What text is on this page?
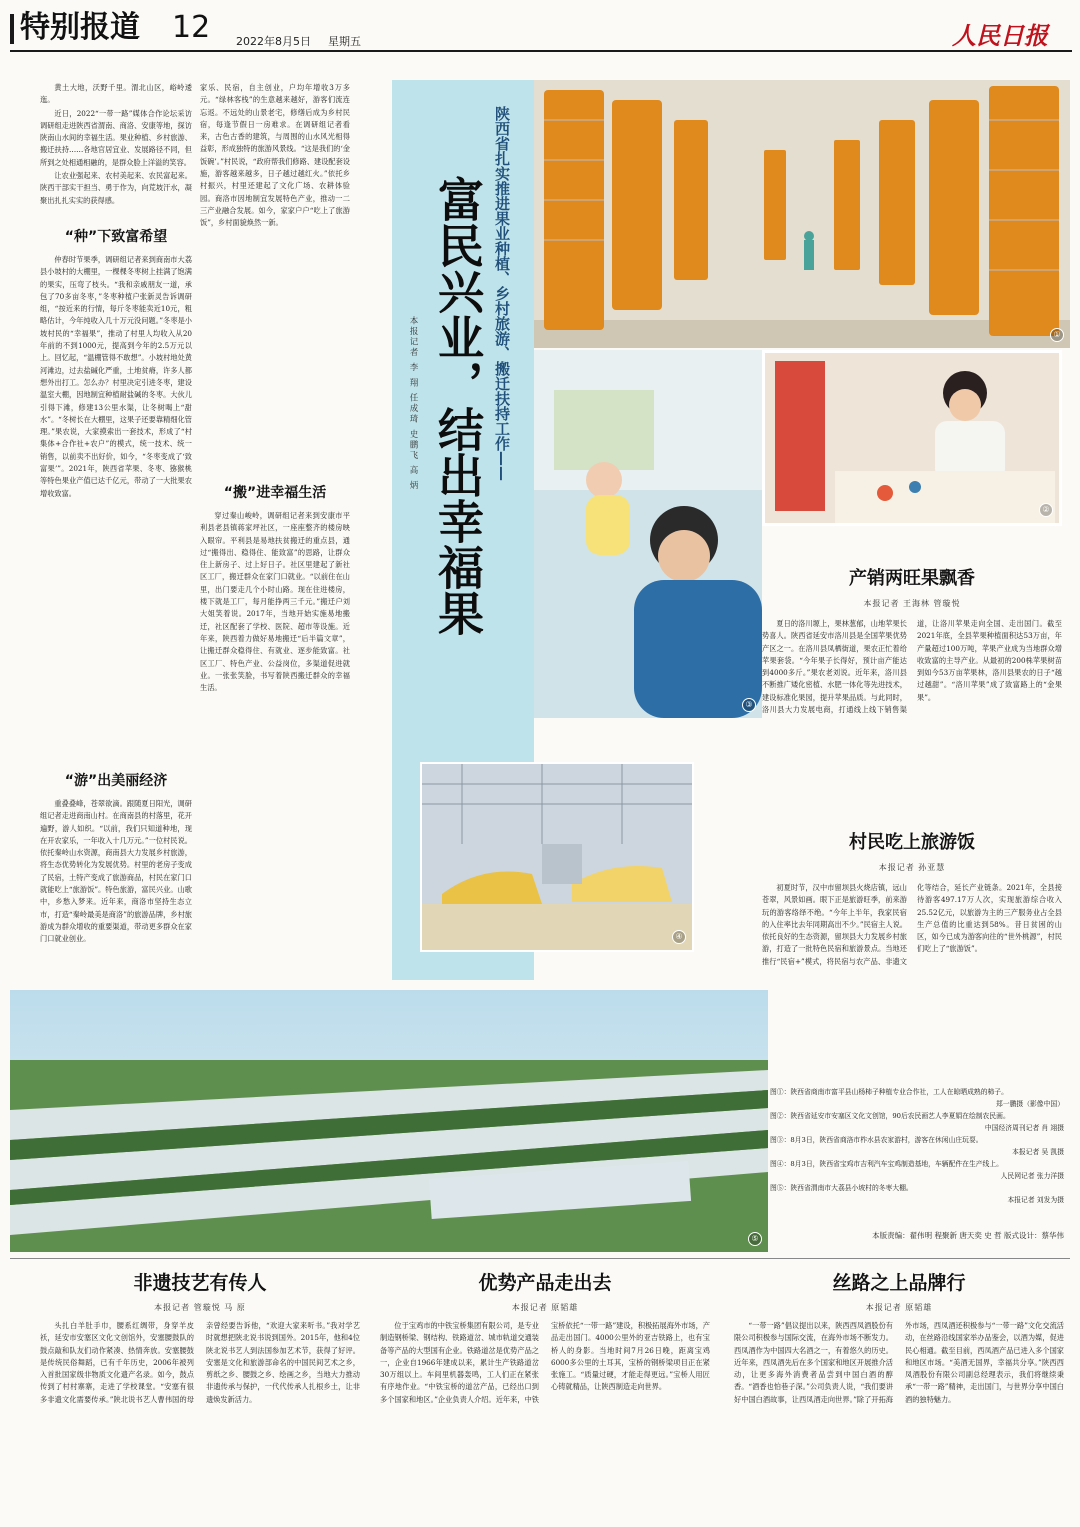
特别报道 12 2022年8月5日 星期五	人民日报

黄土大地，沃野千里。渭北山区，峪岭逶迤。

近日，2022“一带一路”媒体合作论坛采访调研组走进陕西省渭南、商洛、安康等地，探访陕南山水间的幸福生活。果业种植、乡村旅游、搬迁扶持……各地官居宜业、发展路径不同，但所到之处相通相融的，是群众脸上洋溢的笑容。

让农业强起来、农村美起来、农民富起来。陕西干部实干担当、勇于作为，向荒坡汗水，凝聚出扎扎实实的获得感。

“种”下致富希望
仲春时节果季，调研组记者来到商南市大荔县小坡村的大棚里，一棵棵冬枣树上挂满了饱满的果实，压弯了枝头。“我和亲戚朋友一道，承包了70多亩冬枣，”冬枣种植户张新灵告诉调研组，“按近来的行情，每斤冬枣能卖近10元，粗略估计，今年纯收入几十万元没问题。”冬枣是小坡村民的“幸福果”，推动了村里人均收入从20年前的不到1000元，提高到今年的2.5万元以上。回忆起，“温棚管得不敢想”。小坡村地处黄河滩边，过去盐碱化严重，土地贫瘠，许多人都想外出打工。怎么办？村里决定引进冬枣，建设温室大棚，因地制宜种植耐盐碱的冬枣。大伙儿引得下滩，修建13公里水渠，让冬树喝上“甜水”。“冬树长在大棚里，这果子还要靠精细化管理。”果农说，大家摸索出一套技术，形成了“村集体+合作社+农户”的模式，统一技术、统一销售，以前卖不出好价，如今，“冬枣变成了‘致富果’”。2021年，陕西省苹果、冬枣、猕猴桃等特色果业产值已达千亿元，带动了一大批果农增收致富。
“游”出美丽经济
重叠叠峰，苍翠欲滴。跟随夏日阳光，调研组记者走进商南山村。在商南县的村落里，花开遍野，游人如织。“以前，我们只知道种地，现在开农家乐，一年收入十几万元。”一位村民说。依托秦岭山水资源，商南县大力发展乡村旅游，将生态优势转化为发展优势。村里的老房子变成了民宿，土特产变成了旅游商品，村民在家门口就能吃上“旅游饭”。特色旅游，富民兴业。山歌中，乡愁入梦来。近年来，商洛市坚持生态立市，打造“秦岭最美是商洛”的旅游品牌，乡村旅游成为群众增收的重要渠道，带动更多群众在家门口就业创业。
家乐、民宿，自主创业，户均年增收3万多元。“绿林客栈”的生意越来越好，游客们流连忘返。不远处的山景老宅，修缮后成为乡村民宿，每逢节假日一房难求。在调研组记者看来，古色古香的建筑，与周围的山水风光相得益彰，形成独特的旅游风景线。“这是我们的‘金饭碗’。”村民说，“政府帮我们修路、建设配套设施，游客越来越多，日子越过越红火。”依托乡村振兴，村里还建起了文化广场、农耕体验园。商洛市因地制宜发展特色产业，推动一二三产业融合发展。如今，家家户户“吃上了旅游饭”，乡村面貌焕然一新。
“搬”进幸福生活
穿过秦山峻岭，调研组记者来到安康市平利县老县镇蒋家坪社区，一座座整齐的楼房映入眼帘。平利县是易地扶贫搬迁的重点县，通过“搬得出、稳得住、能致富”的思路，让群众住上新房子、过上好日子。社区里建起了新社区工厂，搬迁群众在家门口就业。“以前住在山里，出门要走几个小时山路。现在住进楼房，楼下就是工厂，每月能挣两三千元。”搬迁户刘大姐笑着说。2017年，当地开始实施易地搬迁，社区配套了学校、医院、超市等设施。近年来，陕西着力做好易地搬迁“后半篇文章”，让搬迁群众稳得住、有就业、逐步能致富。社区工厂、特色产业、公益岗位，多渠道促进就业。一张张笑脸，书写着陕西搬迁群众的幸福生活。
陕西省扎实推进果业种植、乡村旅游、搬迁扶持工作——
富民兴业，结出幸福果
本报记者 李 翔 任成琦 史鹏飞 高 炳	①
②
③
④
⑤
产销两旺果飘香
本报记者 王海林 管璇悦
夏日的洛川塬上，果林葱郁，山地苹果长势喜人。陕西省延安市洛川县是全国苹果优势产区之一。在洛川县凤栖街道，果农正忙着给苹果套袋。“今年果子长得好，预计亩产能达到4000多斤。”果农老刘说。近年来，洛川县不断推广矮化密植、水肥一体化等先进技术，建设标准化果园，提升苹果品质。与此同时，洛川县大力发展电商，打通线上线下销售渠道，让洛川苹果走向全国、走出国门。截至2021年底，全县苹果种植面积达53万亩，年产量超过100万吨，苹果产业成为当地群众增收致富的主导产业。从最初的200株苹果树苗到如今53万亩苹果林，洛川县果农的日子“越过越甜”。“洛川苹果”成了致富路上的“金果果”。
村民吃上旅游饭
本报记者 孙亚慧
初夏时节，汉中市留坝县火烧店镇，远山苍翠，风景如画。眼下正是旅游旺季，前来游玩的游客络绎不绝。“今年上半年，我家民宿的入住率比去年同期高出不少。”民宿主人说。依托良好的生态资源，留坝县大力发展乡村旅游，打造了一批特色民宿和旅游景点。当地还推行“民宿+”模式，将民宿与农产品、非遗文化等结合，延长产业链条。2021年，全县接待游客497.17万人次，实现旅游综合收入25.52亿元，以旅游为主的三产服务业占全县生产总值的比重达到58%。昔日贫困的山区，如今已成为游客向往的“世外桃源”，村民们吃上了“旅游饭”。
图①：陕西省商南市富平县山杨柿子种植专业合作社，工人在晾晒成熟的柿子。
郑一鹏摄（影像中国）
图②：陕西省延安市安塞区文化文创馆，90后农民画艺人李夏娟在绘制农民画。
中国经济周刊记者 肖 翊摄
图③：8月3日，陕西省商洛市柞水县农家游村，游客在休闲山庄玩耍。
本报记者 吴 凯摄
图④：8月3日，陕西省宝鸡市吉利汽车宝鸡制造基地，车辆配件在生产线上。
人民网记者 张力洋摄
图⑤：陕西省渭南市大荔县小坡村的冬枣大棚。
本报记者 刘发为摄
本版责编：翟伟明 程聚新 唐天奕 史 哲 版式设计：蔡华伟
非遗技艺有传人
本报记者 管璇悦 马 原
头扎白羊肚手巾，腰系红绸带，身穿羊皮袄，延安市安塞区文化文创馆外，安塞腰鼓队的鼓点敲和队友们动作紧凑、热情奔放。安塞腰鼓是传统民俗舞蹈，已有千年历史，2006年被列入首批国家级非物质文化遗产名录。如今，鼓点传到了村村寨寨，走进了学校课堂。“安塞有很多非遗文化需要传承。”陕北说书艺人曹伟国的母亲曾经要告诉他，“欢迎大家来听书。”我对学艺时就想把陕北说书说到国外。2015年，他和4位陕北说书艺人到法国参加艺术节，获得了好评。安塞是文化和旅游部命名的中国民间艺术之乡，剪纸之乡、腰鼓之乡、绘画之乡，当地大力推动非遗传承与保护，一代代传承人扎根乡土，让非遗焕发新活力。
优势产品走出去
本报记者 原韬雄
位于宝鸡市的中铁宝桥集团有限公司，是专业制造钢桥梁、钢结构、铁路道岔、城市轨道交通装备等产品的大型国有企业。铁路道岔是优势产品之一，企业自1966年建成以来，累计生产铁路道岔30万组以上。车间里机器轰鸣，工人们正在紧张有序地作业。“中铁宝桥的道岔产品，已经出口到多个国家和地区。”企业负责人介绍。近年来，中铁宝桥依托“一带一路”建设，积极拓展海外市场，产品走出国门。4000公里外的亚吉铁路上，也有宝桥人的身影。当地时间7月26日晚，距离宝鸡6000多公里的土耳其，宝桥的钢桥梁项目正在紧张施工。“质量过硬，才能走得更远。”宝桥人用匠心铸就精品，让陕西制造走向世界。
丝路之上品牌行
本报记者 原韬雄
“一带一路”倡议提出以来，陕西西凤酒股份有限公司积极参与国际交流，在海外市场不断发力。西凤酒作为中国四大名酒之一，有着悠久的历史。近年来，西凤酒先后在多个国家和地区开展推介活动，让更多海外消费者品尝到中国白酒的醇香。“酒香也怕巷子深。”公司负责人说，“我们要讲好中国白酒故事，让西凤酒走向世界。”除了开拓海外市场，西凤酒还积极参与“一带一路”文化交流活动，在丝路沿线国家举办品鉴会，以酒为媒，促进民心相通。截至目前，西凤酒产品已进入多个国家和地区市场。“美酒无国界，幸福共分享。”陕西西凤酒股份有限公司副总经理表示，我们将继续秉承“一带一路”精神，走出国门，与世界分享中国白酒的独特魅力。
